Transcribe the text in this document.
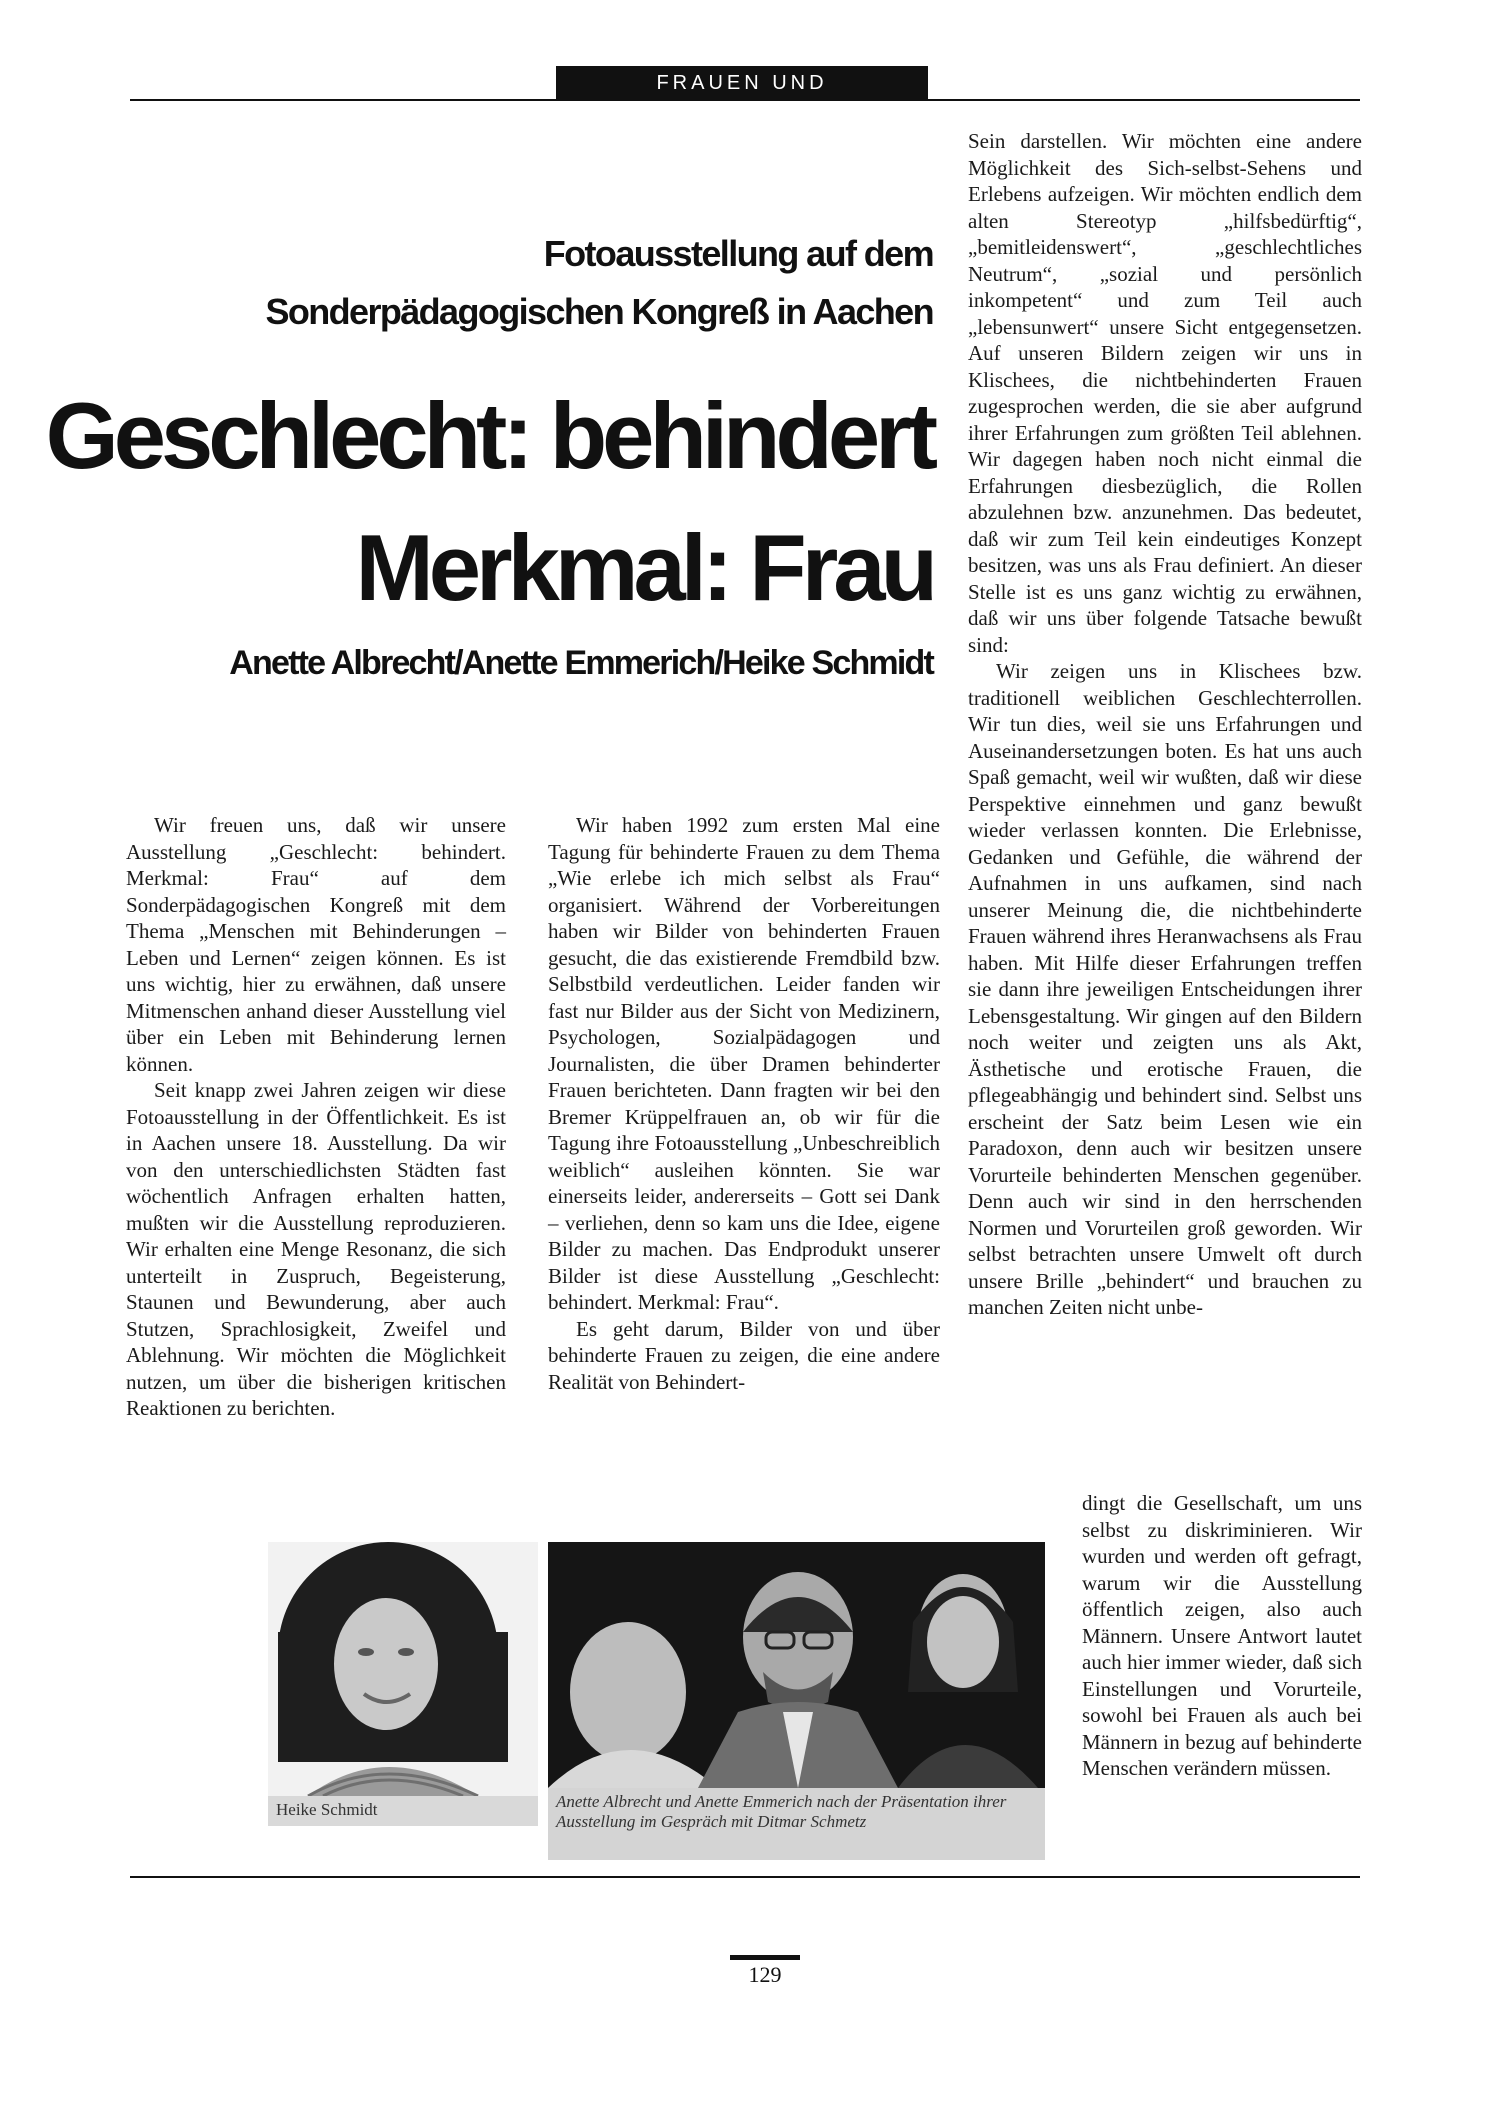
FRAUEN UND BEHINDERUNG
Fotoausstellung auf dem
Sonderpädagogischen Kongreß in Aachen
Geschlecht: behindert
Merkmal: Frau
Anette Albrecht/Anette Emmerich/Heike Schmidt

Wir freuen uns, daß wir unsere Ausstellung „Geschlecht: behindert. Merkmal: Frau“ auf dem Sonderpädagogischen Kongreß mit dem Thema „Menschen mit Behinderungen – Leben und Lernen“ zeigen können. Es ist uns wichtig, hier zu erwähnen, daß unsere Mitmenschen anhand dieser Ausstellung viel über ein Leben mit Behinderung lernen können.

Seit knapp zwei Jahren zeigen wir diese Fotoausstellung in der Öffentlichkeit. Es ist in Aachen unsere 18. Ausstellung. Da wir von den unterschiedlichsten Städten fast wöchentlich Anfragen erhalten hatten, mußten wir die Ausstellung reproduzieren. Wir erhalten eine Menge Resonanz, die sich unterteilt in Zuspruch, Begeisterung, Staunen und Bewunderung, aber auch Stutzen, Sprachlosigkeit, Zweifel und Ablehnung. Wir möchten die Möglichkeit nutzen, um über die bisherigen kritischen Reaktionen zu berichten.

Wir haben 1992 zum ersten Mal eine Tagung für behinderte Frauen zu dem Thema „Wie erlebe ich mich selbst als Frau“ organisiert. Während der Vorbereitungen haben wir Bilder von behinderten Frauen gesucht, die das existierende Fremdbild bzw. Selbstbild verdeutlichen. Leider fanden wir fast nur Bilder aus der Sicht von Medizinern, Psychologen, Sozialpädagogen und Journalisten, die über Dramen behinderter Frauen berichteten. Dann fragten wir bei den Bremer Krüppelfrauen an, ob wir für die Tagung ihre Fotoausstellung „Unbeschreiblich weiblich“ ausleihen könnten. Sie war einerseits leider, andererseits – Gott sei Dank – verliehen, denn so kam uns die Idee, eigene Bilder zu machen. Das Endprodukt unserer Bilder ist diese Ausstellung „Geschlecht: behindert. Merkmal: Frau“.

Es geht darum, Bilder von und über behinderte Frauen zu zeigen, die eine andere Realität von Behindert-

Sein darstellen. Wir möchten eine andere Möglichkeit des Sich-selbst-Sehens und Erlebens aufzeigen. Wir möchten endlich dem alten Stereotyp „hilfsbedürftig“, „bemitleidenswert“, „geschlechtliches Neutrum“, „sozial und persönlich inkompetent“ und zum Teil auch „lebensunwert“ unsere Sicht entgegensetzen. Auf unseren Bildern zeigen wir uns in Klischees, die nichtbehinderten Frauen zugesprochen werden, die sie aber aufgrund ihrer Erfahrungen zum größten Teil ablehnen. Wir dagegen haben noch nicht einmal die Erfahrungen diesbezüglich, die Rollen abzulehnen bzw. anzunehmen. Das bedeutet, daß wir zum Teil kein eindeutiges Konzept besitzen, was uns als Frau definiert. An dieser Stelle ist es uns ganz wichtig zu erwähnen, daß wir uns über folgende Tatsache bewußt sind:

Wir zeigen uns in Klischees bzw. traditionell weiblichen Geschlechterrollen. Wir tun dies, weil sie uns Erfahrungen und Auseinandersetzungen boten. Es hat uns auch Spaß gemacht, weil wir wußten, daß wir diese Perspektive einnehmen und ganz bewußt wieder verlassen konnten. Die Erlebnisse, Gedanken und Gefühle, die während der Aufnahmen in uns aufkamen, sind nach unserer Meinung die, die nichtbehinderte Frauen während ihres Heranwachsens als Frau haben. Mit Hilfe dieser Erfahrungen treffen sie dann ihre jeweiligen Entscheidungen ihrer Lebensgestaltung. Wir gingen auf den Bildern noch weiter und zeigten uns als Akt, Ästhetische und erotische Frauen, die pflegeabhängig und behindert sind. Selbst uns erscheint der Satz beim Lesen wie ein Paradoxon, denn auch wir besitzen unsere Vorurteile behinderten Menschen gegenüber. Denn auch wir sind in den herrschenden Normen und Vorurteilen groß geworden. Wir selbst betrachten unsere Umwelt oft durch unsere Brille „behindert“ und brauchen zu manchen Zeiten nicht unbe-

dingt die Gesellschaft, um uns selbst zu diskriminieren. Wir wurden und werden oft gefragt, warum wir die Ausstellung öffentlich zeigen, also auch Männern. Unsere Antwort lautet auch hier immer wieder, daß sich Einstellungen und Vorurteile, sowohl bei Frauen als auch bei Männern in bezug auf behinderte Menschen verändern müssen.

Heike Schmidt	Anette Albrecht und Anette Emmerich nach der Präsentation ihrer Ausstellung im Gespräch mit Ditmar Schmetz
129
